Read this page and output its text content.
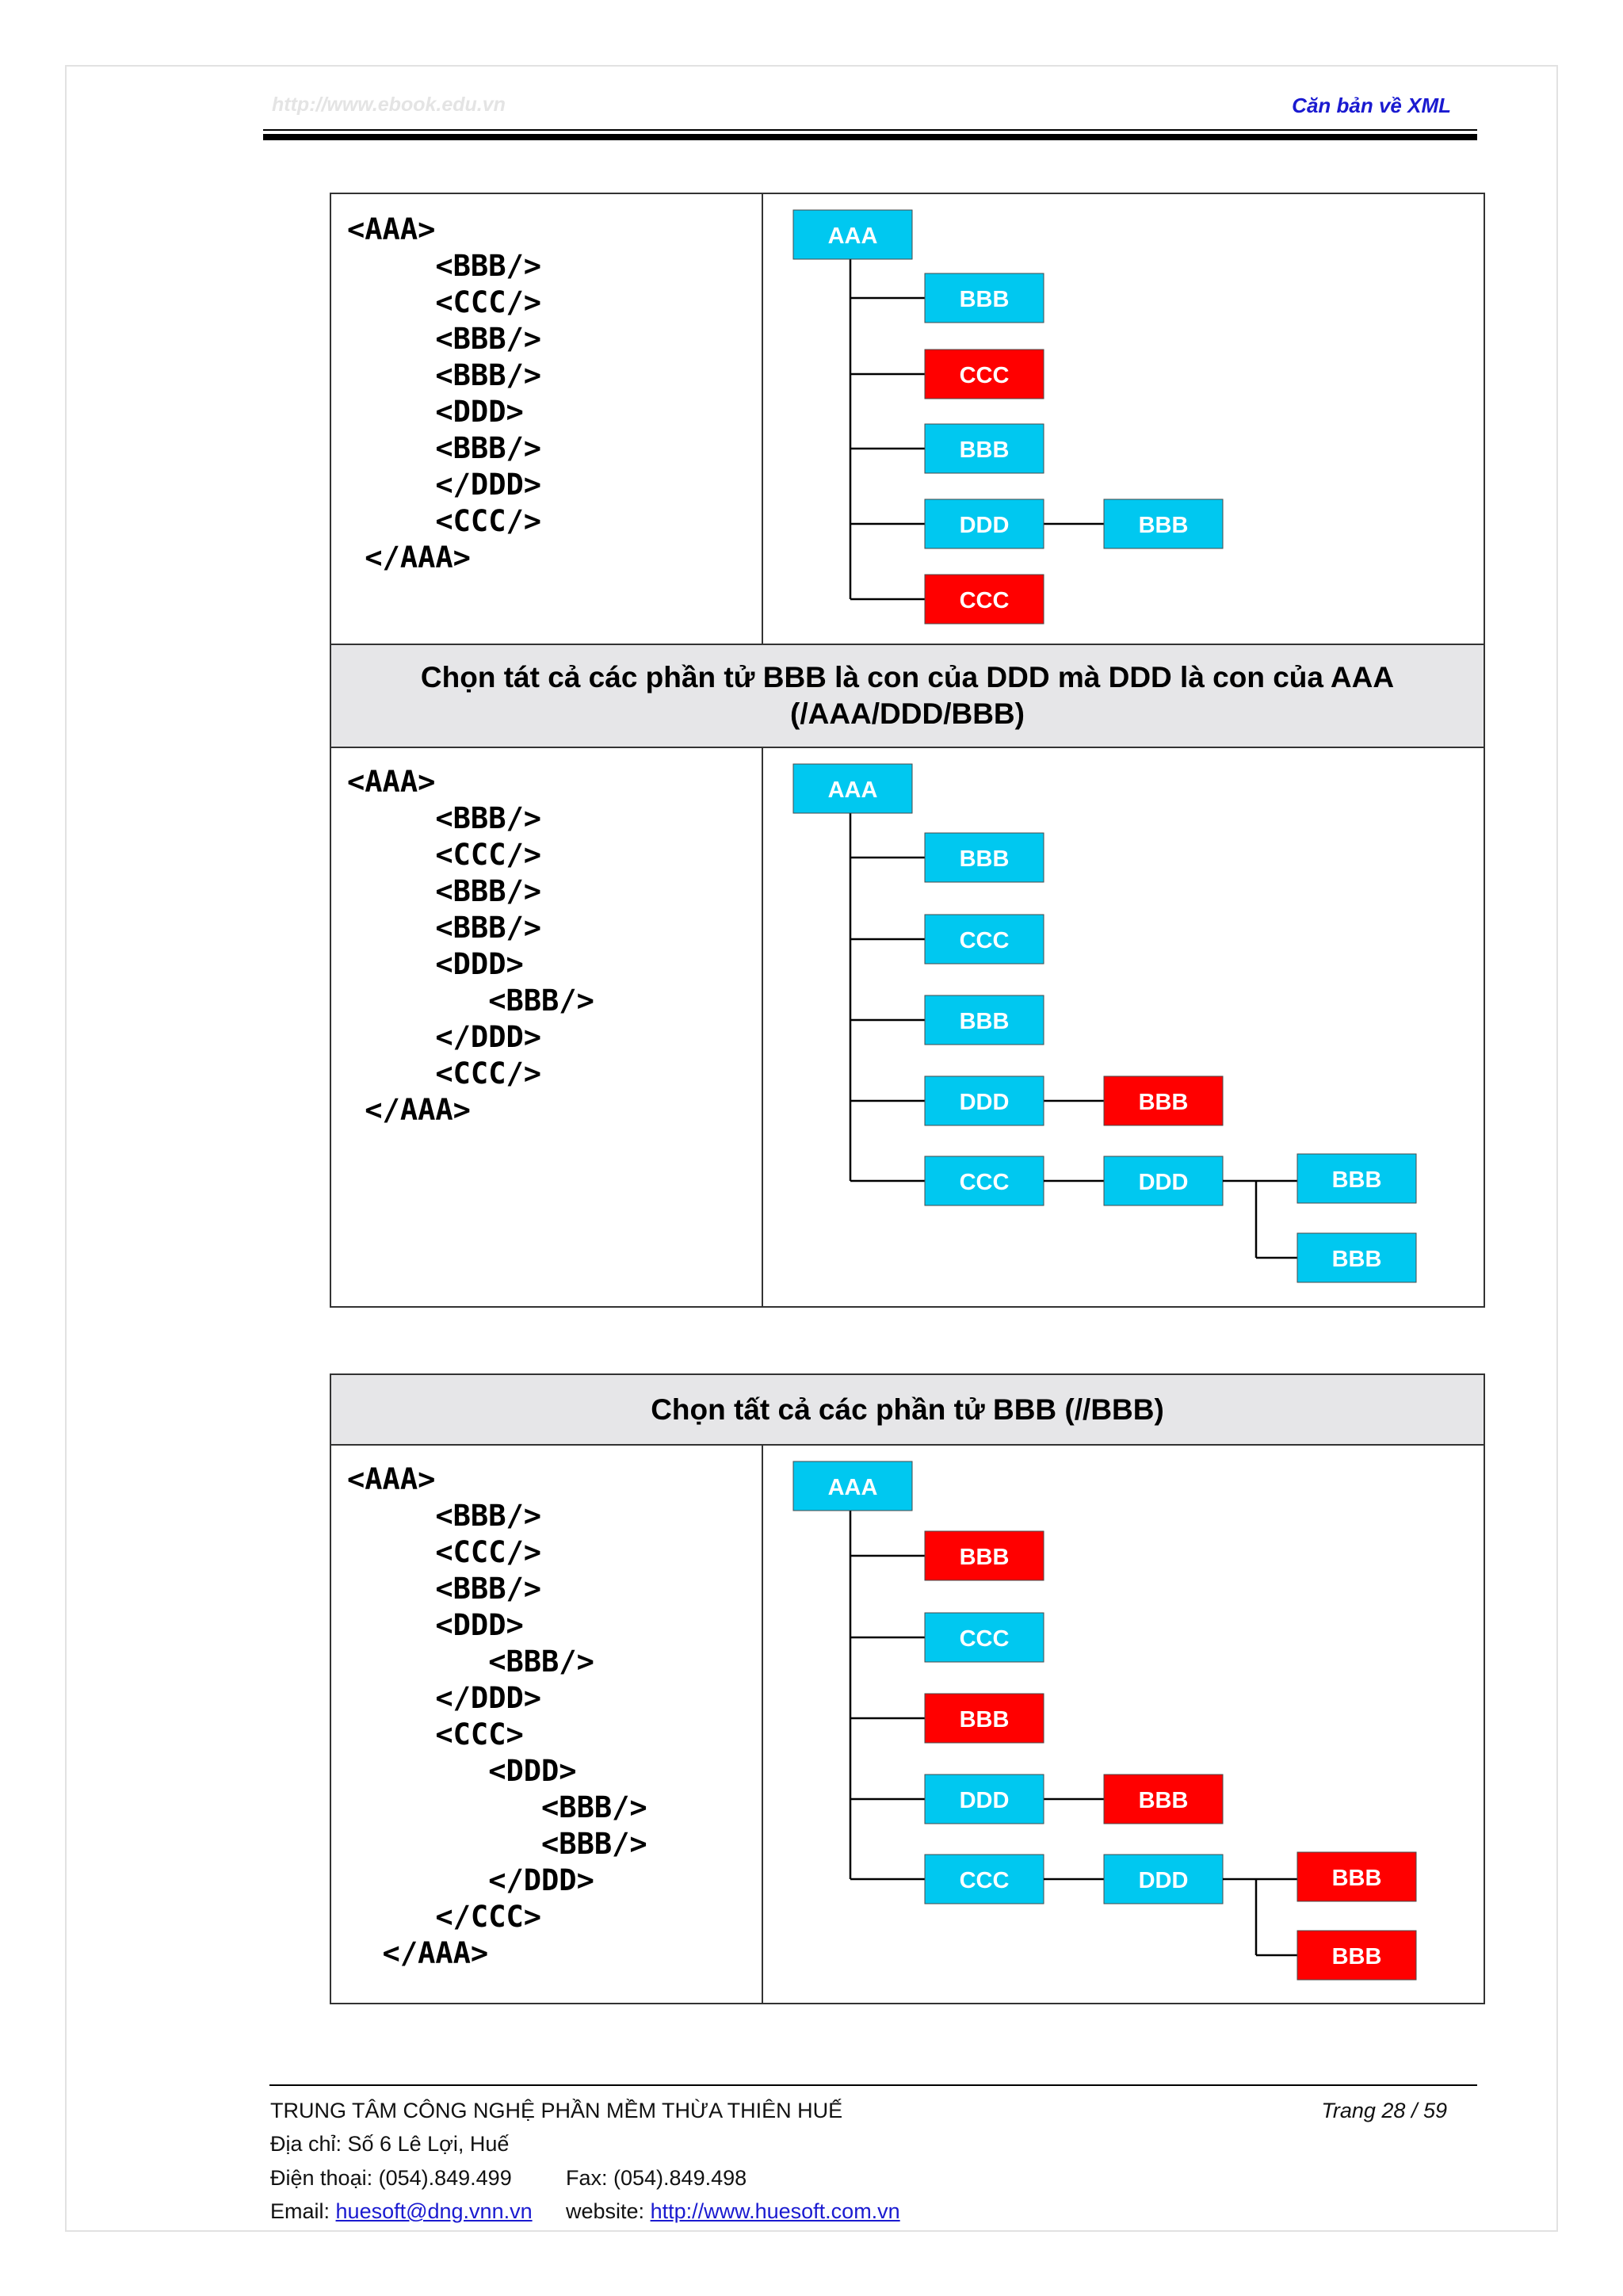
http://www.ebook.edu.vn	Căn bản về XML
<AAA>
<BBB/>
<CCC/>
<BBB/>
<BBB/>
<DDD>
<BBB/>
</DDD>
<CCC/>
</AAA>
AAA
BBB
CCC
BBB
DDD
CCC
BBB
Chọn tát cả các phần tử BBB là con của DDD mà DDD là con của AAA
(/AAA/DDD/BBB)
<AAA>
<BBB/>
<CCC/>
<BBB/>
<BBB/>
<DDD>
<BBB/>
</DDD>
<CCC/>
</AAA>
AAA
BBB
CCC
BBB
DDD
CCC
BBB
DDD	BBB
BBB
Chọn tất cả các phần tử BBB (//BBB)
<AAA>
<BBB/>
<CCC/>
<BBB/>
<DDD>
<BBB/>
</DDD>
<CCC>
<DDD>
<BBB/>
<BBB/>
</DDD>
</CCC>
</AAA>
AAA
BBB
CCC
BBB
DDD
CCC
BBB
DDD	BBB
BBB
TRUNG TÂM CÔNG NGHỆ PHẦN MỀM THỪA THIÊN HUẾ	Trang 28 / 59
Địa chỉ: Số 6 Lê Lợi, Huế
Điện thoại: (054).849.499	Fax: (054).849.498
Email: huesoft@dng.vnn.vn website: http://www.huesoft.com.vn
